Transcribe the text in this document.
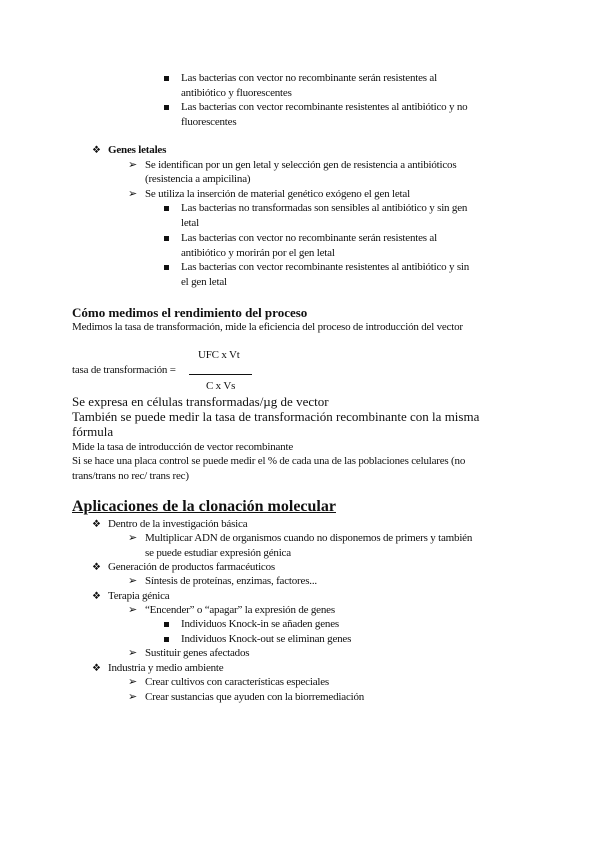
Las bacterias con vector no recombinante serán resistentes al
antibiótico y fluorescentes
Las bacterias con vector recombinante resistentes al antibiótico y no
fluorescentes
❖ Genes letales
➢ Se identifican por un gen letal y selección gen de resistencia a antibióticos
(resistencia a ampicilina)
➢ Se utiliza la inserción de material genético exógeno el gen letal
Las bacterias no transformadas son sensibles al antibiótico y sin gen
letal
Las bacterias con vector no recombinante serán resistentes al
antibiótico y morirán por el gen letal
Las bacterias con vector recombinante resistentes al antibiótico y sin
el gen letal
Cómo medimos el rendimiento del proceso
Medimos la tasa de transformación, mide la eficiencia del proceso de introducción del vector
UFC x Vt
tasa de transformación =
C x Vs
Se expresa en células transformadas/µg de vector
También se puede medir la tasa de transformación recombinante con la misma
fórmula
Mide la tasa de introducción de vector recombinante
Si se hace una placa control se puede medir el % de cada una de las poblaciones celulares (no
trans/trans no rec/ trans rec)
Aplicaciones de la clonación molecular
❖ Dentro de la investigación básica
➢ Multiplicar ADN de organismos cuando no disponemos de primers y también
se puede estudiar expresión génica
❖ Generación de productos farmacéuticos
➢ Síntesis de proteínas, enzimas, factores...
❖ Terapia génica
➢ “Encender” o “apagar” la expresión de genes
Individuos Knock-in se añaden genes
Individuos Knock-out se eliminan genes
➢ Sustituir genes afectados
❖ Industria y medio ambiente
➢ Crear cultivos con características especiales
➢ Crear sustancias que ayuden con la biorremediación
